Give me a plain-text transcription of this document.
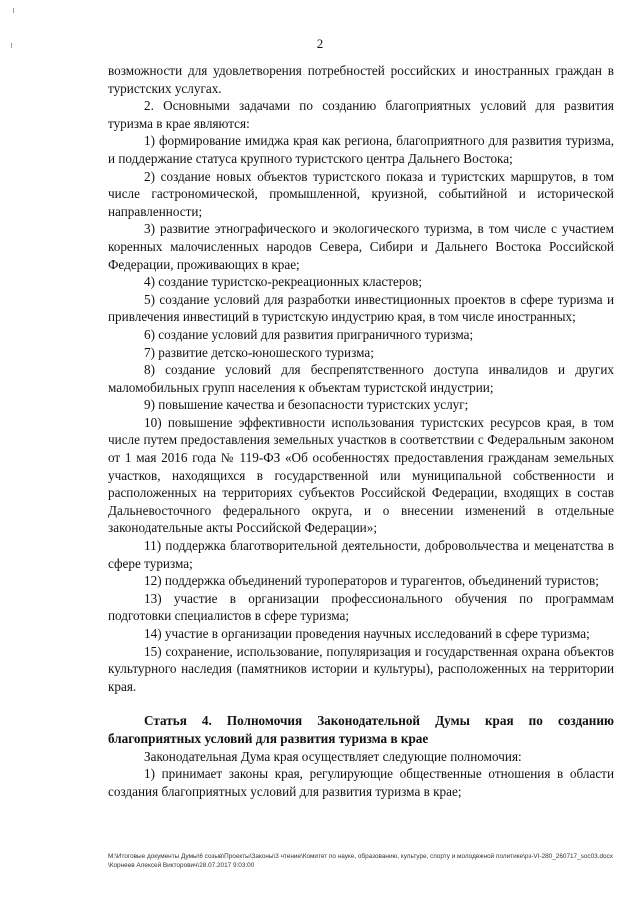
2

возможности для удовлетворения потребностей российских и иностранных граждан в туристских услугах.

2. Основными задачами по созданию благоприятных условий для развития туризма в крае являются:

1) формирование имиджа края как региона, благоприятного для развития туризма, и поддержание статуса крупного туристского центра Дальнего Востока;

2) создание новых объектов туристского показа и туристских маршрутов, в том числе гастрономической, промышленной, круизной, событийной и исторической направленности;

3) развитие этнографического и экологического туризма, в том числе с участием коренных малочисленных народов Севера, Сибири и Дальнего Востока Российской Федерации, проживающих в крае;

4) создание туристско-рекреационных кластеров;

5) создание условий для разработки инвестиционных проектов в сфере туризма и привлечения инвестиций в туристскую индустрию края, в том числе иностранных;

6) создание условий для развития приграничного туризма;

7) развитие детско-юношеского туризма;

8) создание условий для беспрепятственного доступа инвалидов и других маломобильных групп населения к объектам туристской индустрии;

9) повышение качества и безопасности туристских услуг;

10) повышение эффективности использования туристских ресурсов края, в том числе путем предоставления земельных участков в соответствии с Федеральным законом от 1 мая 2016 года № 119-ФЗ «Об особенностях предоставления гражданам земельных участков, находящихся в государственной или муниципальной собственности и расположенных на территориях субъектов Российской Федерации, входящих в состав Дальневосточного федерального округа, и о внесении изменений в отдельные законодательные акты Российской Федерации»;

11) поддержка благотворительной деятельности, добровольчества и меценатства в сфере туризма;

12) поддержка объединений туроператоров и турагентов, объединений туристов;

13) участие в организации профессионального обучения по программам подготовки специалистов в сфере туризма;

14) участие в организации проведения научных исследований в сфере туризма;

15) сохранение, использование, популяризация и государственная охрана объектов культурного наследия (памятников истории и культуры), расположенных на территории края.

Статья 4. Полномочия Законодательной Думы края по созданию благоприятных условий для развития туризма в крае

Законодательная Дума края осуществляет следующие полномочия:

1) принимает законы края, регулирующие общественные отношения в области создания благоприятных условий для развития туризма в крае;

M:\Итоговые документы Думы\6 созыв\Проекты\Законы\3 чтение\Комитет по науке, образованию, культуре, спорту и молодежной политике\рз-VI-280_260717_soc03.docx\Корнеев Алексей Викторович\28.07.2017 9:03:00
